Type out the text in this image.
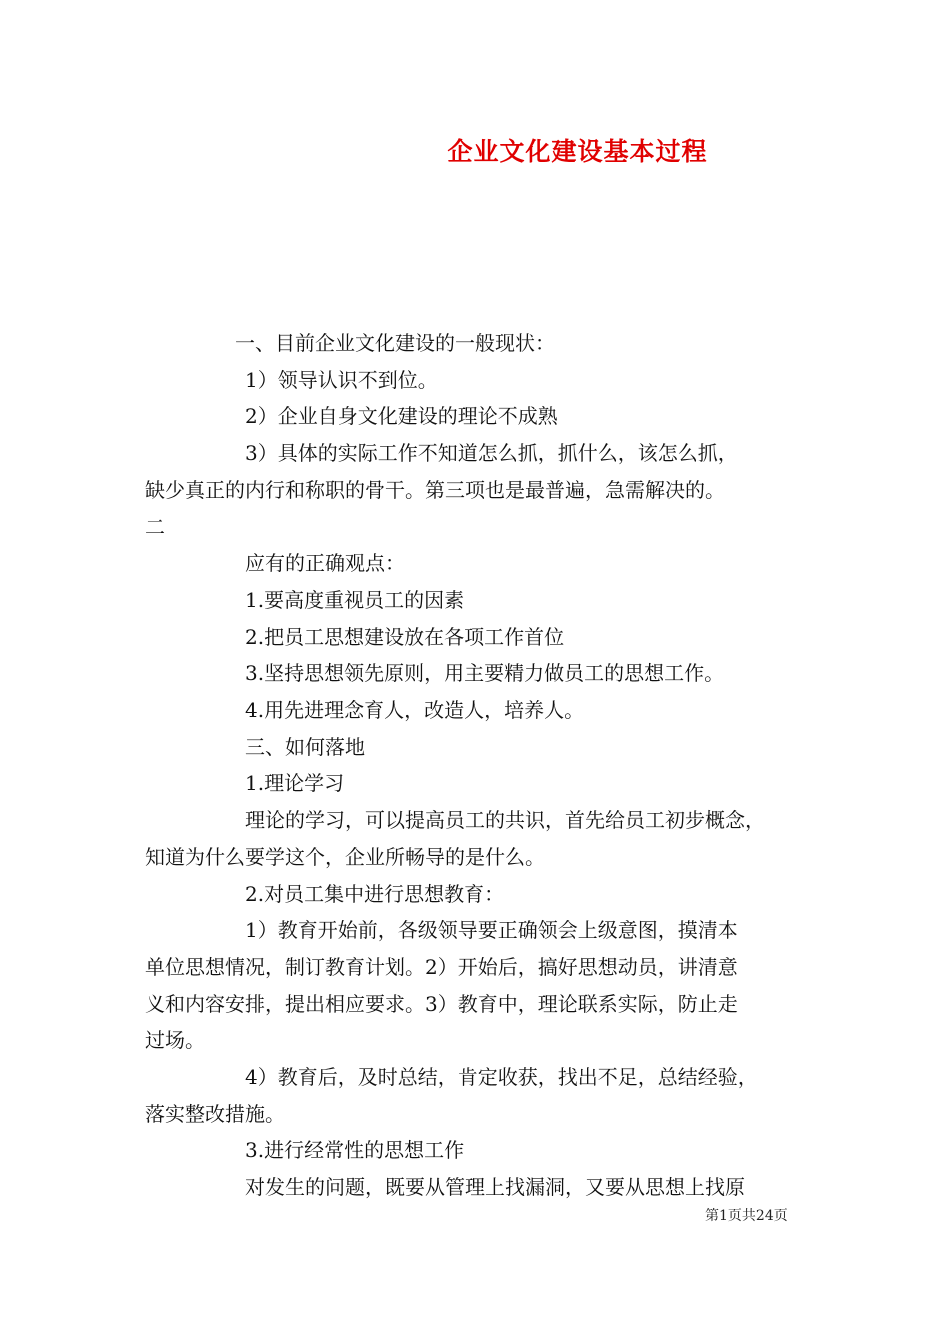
企业文化建设基本过程

一、目前企业文化建设的一般现状：

1）领导认识不到位。

2）企业自身文化建设的理论不成熟

3）具体的实际工作不知道怎么抓，抓什么，该怎么抓，

缺少真正的内行和称职的骨干。第三项也是最普遍，急需解决的。

二

应有的正确观点：

1.要高度重视员工的因素

2.把员工思想建设放在各项工作首位

3.坚持思想领先原则，用主要精力做员工的思想工作。

4.用先进理念育人，改造人，培养人。

三、如何落地

1.理论学习

理论的学习，可以提高员工的共识，首先给员工初步概念，

知道为什么要学这个，企业所畅导的是什么。

2.对员工集中进行思想教育：

1）教育开始前，各级领导要正确领会上级意图，摸清本

单位思想情况，制订教育计划。2）开始后，搞好思想动员，讲清意

义和内容安排，提出相应要求。3）教育中，理论联系实际，防止走

过场。

4）教育后，及时总结，肯定收获，找出不足，总结经验，

落实整改措施。

3.进行经常性的思想工作

对发生的问题，既要从管理上找漏洞，又要从思想上找原

第1页共24页
